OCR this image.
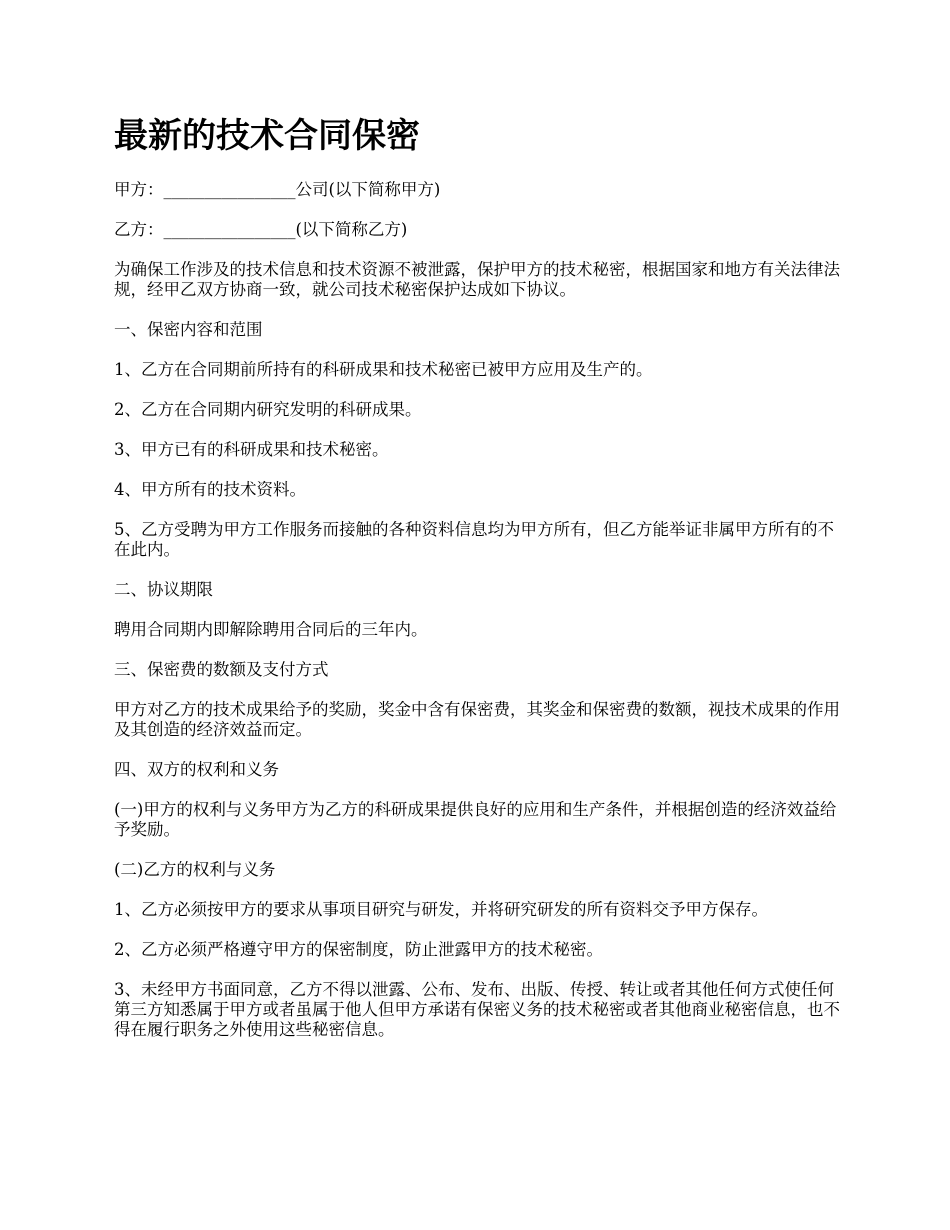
最新的技术合同保密

甲方：________________公司(以下简称甲方)

乙方：________________(以下简称乙方)

为确保工作涉及的技术信息和技术资源不被泄露，保护甲方的技术秘密，根据国家和地方有关法律法规，经甲乙双方协商一致，就公司技术秘密保护达成如下协议。

一、保密内容和范围

1、乙方在合同期前所持有的科研成果和技术秘密已被甲方应用及生产的。

2、乙方在合同期内研究发明的科研成果。

3、甲方已有的科研成果和技术秘密。

4、甲方所有的技术资料。

5、乙方受聘为甲方工作服务而接触的各种资料信息均为甲方所有，但乙方能举证非属甲方所有的不在此内。

二、协议期限

聘用合同期内即解除聘用合同后的三年内。

三、保密费的数额及支付方式

甲方对乙方的技术成果给予的奖励，奖金中含有保密费，其奖金和保密费的数额，视技术成果的作用及其创造的经济效益而定。

四、双方的权利和义务

(一)甲方的权利与义务甲方为乙方的科研成果提供良好的应用和生产条件，并根据创造的经济效益给予奖励。

(二)乙方的权利与义务

1、乙方必须按甲方的要求从事项目研究与研发，并将研究研发的所有资料交予甲方保存。

2、乙方必须严格遵守甲方的保密制度，防止泄露甲方的技术秘密。

3、未经甲方书面同意，乙方不得以泄露、公布、发布、出版、传授、转让或者其他任何方式使任何第三方知悉属于甲方或者虽属于他人但甲方承诺有保密义务的技术秘密或者其他商业秘密信息，也不得在履行职务之外使用这些秘密信息。
